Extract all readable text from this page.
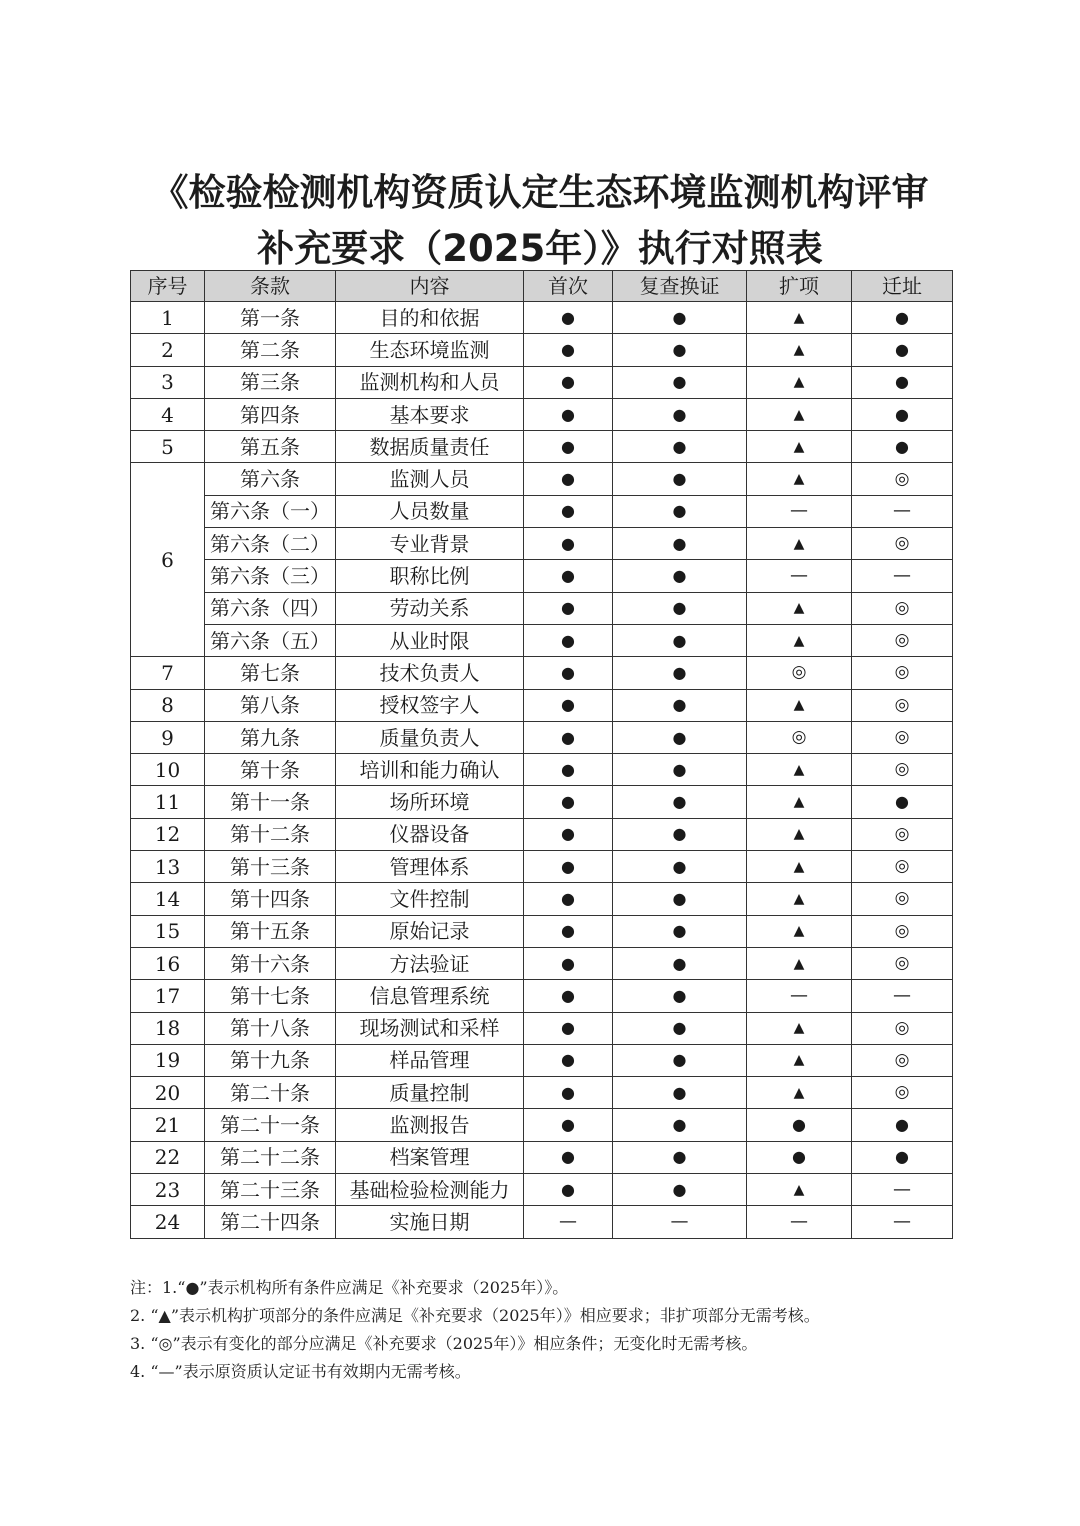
《检验检测机构资质认定生态环境监测机构评审
补充要求（2025年）》执行对照表
序号	条款	内容	首次	复查换证	扩项	迁址
1	第一条	目的和依据	●	●	▲	●
2	第二条	生态环境监测	●	●	▲	●
3	第三条	监测机构和人员	●	●	▲	●
4	第四条	基本要求	●	●	▲	●
5	第五条	数据质量责任	●	●	▲	●
6	第六条	监测人员	●	●	▲	◎
	第六条（一）	人员数量	●	●	—	—
	第六条（二）	专业背景	●	●	▲	◎
	第六条（三）	职称比例	●	●	—	—
	第六条（四）	劳动关系	●	●	▲	◎
	第六条（五）	从业时限	●	●	▲	◎
7	第七条	技术负责人	●	●	◎	◎
8	第八条	授权签字人	●	●	▲	◎
9	第九条	质量负责人	●	●	◎	◎
10	第十条	培训和能力确认	●	●	▲	◎
11	第十一条	场所环境	●	●	▲	●
12	第十二条	仪器设备	●	●	▲	◎
13	第十三条	管理体系	●	●	▲	◎
14	第十四条	文件控制	●	●	▲	◎
15	第十五条	原始记录	●	●	▲	◎
16	第十六条	方法验证	●	●	▲	◎
17	第十七条	信息管理系统	●	●	—	—
18	第十八条	现场测试和采样	●	●	▲	◎
19	第十九条	样品管理	●	●	▲	◎
20	第二十条	质量控制	●	●	▲	◎
21	第二十一条	监测报告	●	●	●	●
22	第二十二条	档案管理	●	●	●	●
23	第二十三条	基础检验检测能力	●	●	▲	—
24	第二十四条	实施日期	—	—	—	—
注：1.“●”表示机构所有条件应满足《补充要求（2025年）》。
2. “▲”表示机构扩项部分的条件应满足《补充要求（2025年）》相应要求；非扩项部分无需考核。
3. “◎”表示有变化的部分应满足《补充要求（2025年）》相应条件；无变化时无需考核。
4. “—”表示原资质认定证书有效期内无需考核。
